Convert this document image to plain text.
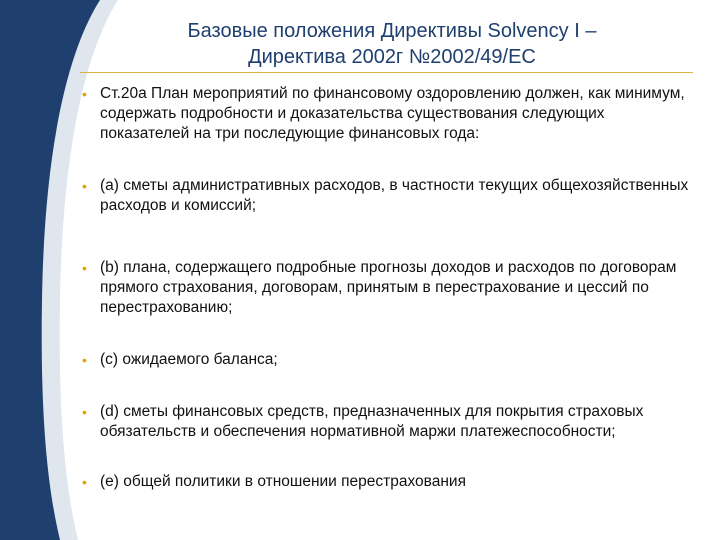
Базовые положения Директивы Solvency I –
Директива 2002г №2002/49/ЕС
• Ст.20а План мероприятий по финансовому оздоровлению должен, как минимум, содержать подробности и доказательства существования следующих показателей на три последующие финансовых года:
• (a) сметы административных расходов, в частности текущих общехозяйственных расходов и комиссий;
• (b) плана, содержащего подробные прогнозы доходов и расходов по договорам прямого страхования, договорам, принятым в перестрахование и цессий по перестрахованию;
• (c) ожидаемого баланса;
• (d) сметы финансовых средств, предназначенных для покрытия страховых обязательств и обеспечения нормативной маржи платежеспособности;
• (e) общей политики в отношении перестрахования
